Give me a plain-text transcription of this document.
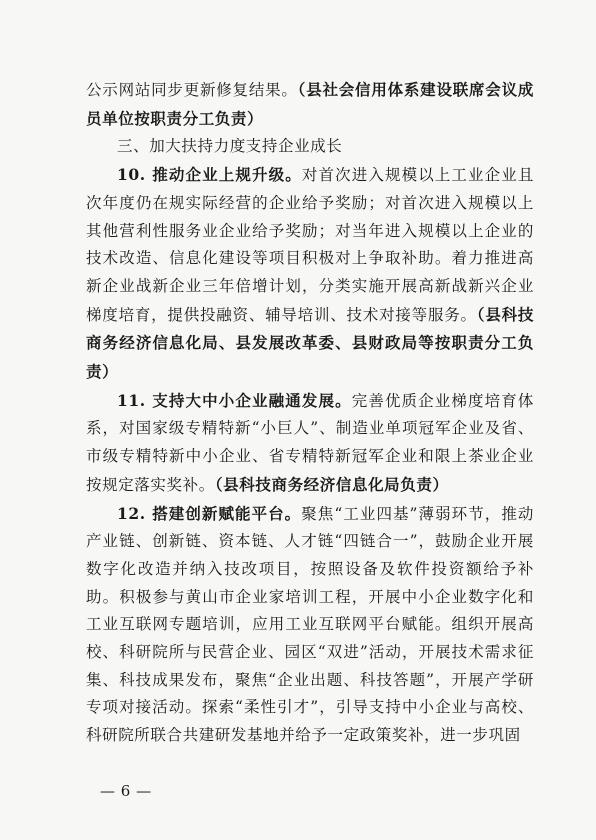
公示网站同步更新修复结果。（县社会信用体系建设联席会议成员单位按职责分工负责）

三、加大扶持力度支持企业成长

10. 推动企业上规升级。对首次进入规模以上工业企业且次年度仍在规实际经营的企业给予奖励；对首次进入规模以上其他营利性服务业企业给予奖励；对当年进入规模以上企业的技术改造、信息化建设等项目积极对上争取补助。着力推进高新企业战新企业三年倍增计划，分类实施开展高新战新兴企业梯度培育，提供投融资、辅导培训、技术对接等服务。（县科技商务经济信息化局、县发展改革委、县财政局等按职责分工负责）

11. 支持大中小企业融通发展。完善优质企业梯度培育体系，对国家级专精特新“小巨人”、制造业单项冠军企业及省、市级专精特新中小企业、省专精特新冠军企业和限上茶业企业按规定落实奖补。（县科技商务经济信息化局负责）

12. 搭建创新赋能平台。聚焦“工业四基”薄弱环节，推动产业链、创新链、资本链、人才链“四链合一”，鼓励企业开展数字化改造并纳入技改项目，按照设备及软件投资额给予补助。积极参与黄山市企业家培训工程，开展中小企业数字化和工业互联网专题培训，应用工业互联网平台赋能。组织开展高校、科研院所与民营企业、园区“双进”活动，开展技术需求征集、科技成果发布，聚焦“企业出题、科技答题”，开展产学研专项对接活动。探索“柔性引才”，引导支持中小企业与高校、科研院所联合共建研发基地并给予一定政策奖补，进一步巩固

— 6 —
